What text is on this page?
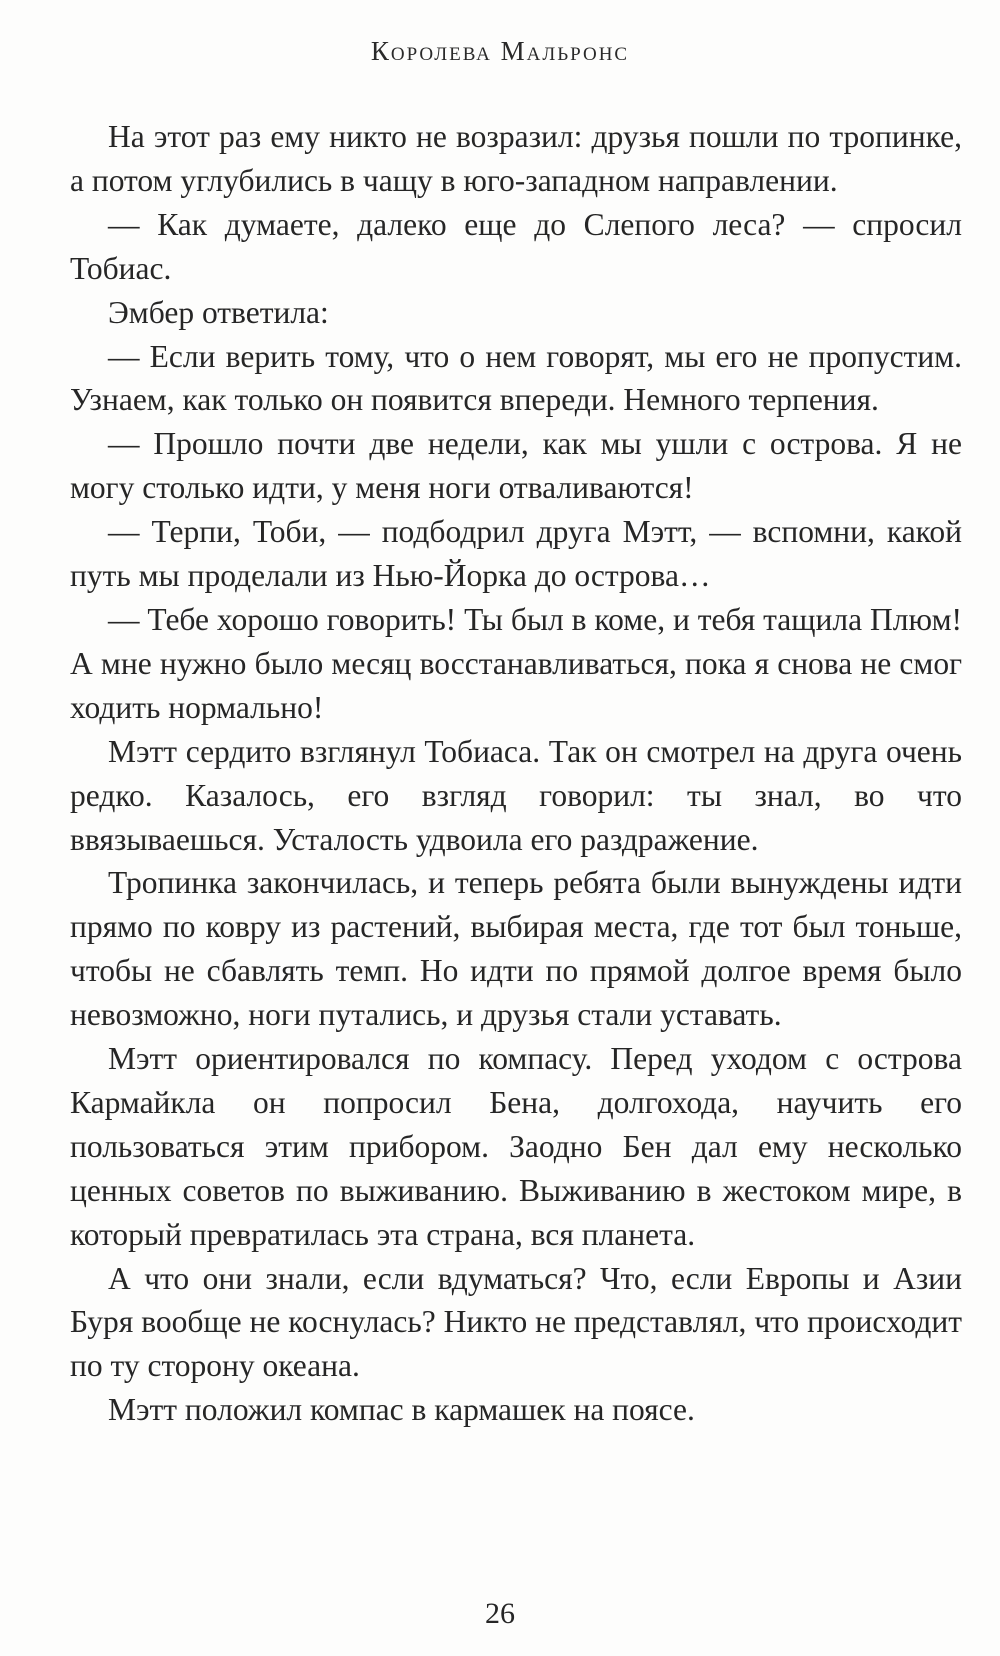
Королева Мальронс

На этот раз ему никто не возразил: друзья пошли по тропинке, а потом углубились в чащу в юго-западном направлении.

— Как думаете, далеко еще до Слепого леса? — спросил Тобиас.

Эмбер ответила:

— Если верить тому, что о нем говорят, мы его не пропустим. Узнаем, как только он появится впереди. Немного терпения.

— Прошло почти две недели, как мы ушли с острова. Я не могу столько идти, у меня ноги отваливаются!

— Терпи, Тоби, — подбодрил друга Мэтт, — вспомни, какой путь мы проделали из Нью-Йорка до острова…

— Тебе хорошо говорить! Ты был в коме, и тебя тащила Плюм! А мне нужно было месяц восстанавливаться, пока я снова не смог ходить нормально!

Мэтт сердито взглянул Тобиаса. Так он смотрел на друга очень редко. Казалось, его взгляд говорил: ты знал, во что ввязываешься. Усталость удвоила его раздражение.

Тропинка закончилась, и теперь ребята были вынуждены идти прямо по ковру из растений, выбирая места, где тот был тоньше, чтобы не сбавлять темп. Но идти по прямой долгое время было невозможно, ноги путались, и друзья стали уставать.

Мэтт ориентировался по компасу. Перед уходом с острова Кармайкла он попросил Бена, долгохода, научить его пользоваться этим прибором. Заодно Бен дал ему несколько ценных советов по выживанию. Выживанию в жестоком мире, в который превратилась эта страна, вся планета.

А что они знали, если вдуматься? Что, если Европы и Азии Буря вообще не коснулась? Никто не представлял, что происходит по ту сторону океана.

Мэтт положил компас в кармашек на поясе.

26
